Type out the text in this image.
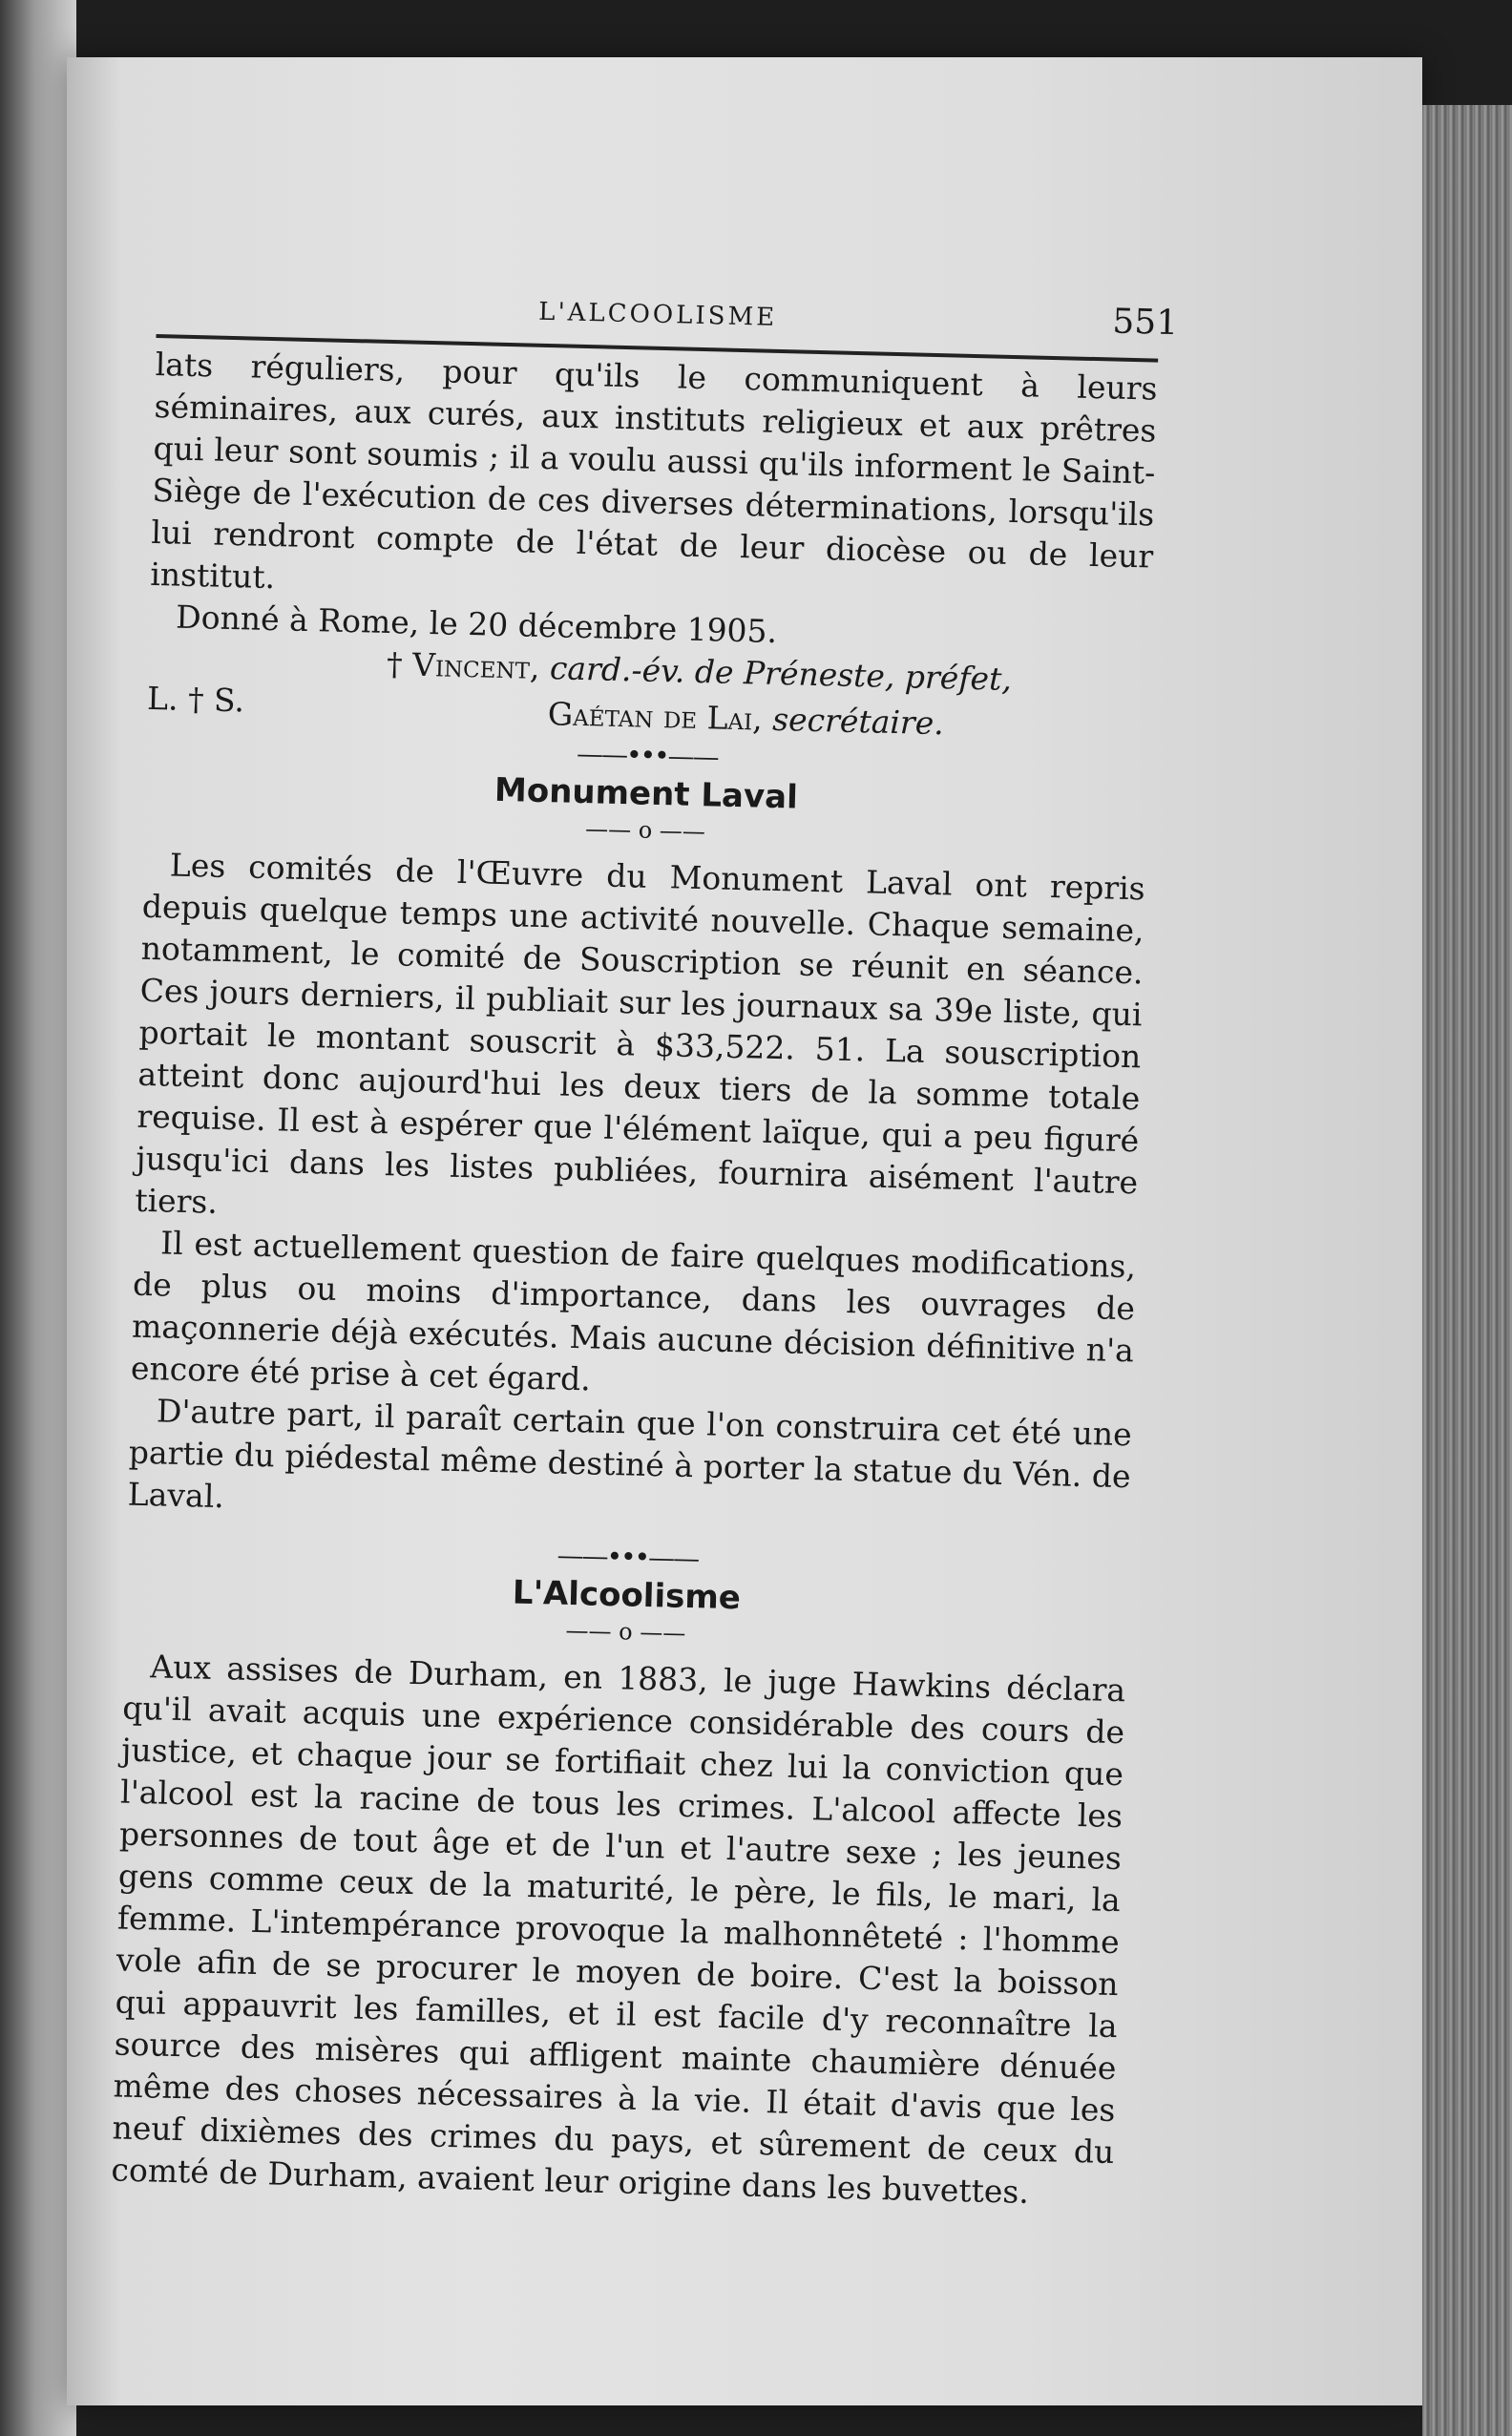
L'ALCOOLISME	551

lats réguliers, pour qu'ils le communiquent à leurs séminaires, aux curés, aux instituts religieux et aux prêtres qui leur sont soumis ; il a voulu aussi qu'ils informent le Saint-Siège de l'exécution de ces diverses déterminations, lorsqu'ils lui rendront compte de l'état de leur diocèse ou de leur institut.

Donné à Rome, le 20 décembre 1905.

† Vincent, card.-év. de Préneste, préfet,
L. † S.	Gaétan de Lai, secrétaire.
——•••——
Monument Laval
—— o ——

Les comités de l'Œuvre du Monument Laval ont repris depuis quelque temps une activité nouvelle. Chaque semaine, notamment, le comité de Souscription se réunit en séance. Ces jours derniers, il publiait sur les journaux sa 39e liste, qui portait le montant souscrit à $33,522. 51. La souscription atteint donc aujourd'hui les deux tiers de la somme totale requise. Il est à espérer que l'élément laïque, qui a peu figuré jusqu'ici dans les listes publiées, fournira aisément l'autre tiers.

Il est actuellement question de faire quelques modifications, de plus ou moins d'importance, dans les ouvrages de maçonnerie déjà exécutés. Mais aucune décision définitive n'a encore été prise à cet égard.

D'autre part, il paraît certain que l'on construira cet été une partie du piédestal même destiné à porter la statue du Vén. de Laval.

——•••——
L'Alcoolisme
—— o ——

Aux assises de Durham, en 1883, le juge Hawkins déclara qu'il avait acquis une expérience considérable des cours de justice, et chaque jour se fortifiait chez lui la conviction que l'alcool est la racine de tous les crimes. L'alcool affecte les personnes de tout âge et de l'un et l'autre sexe ; les jeunes gens comme ceux de la maturité, le père, le fils, le mari, la femme. L'intempérance provoque la malhonnêteté : l'homme vole afin de se procurer le moyen de boire. C'est la boisson qui appauvrit les familles, et il est facile d'y reconnaître la source des misères qui affligent mainte chaumière dénuée même des choses nécessaires à la vie. Il était d'avis que les neuf dixièmes des crimes du pays, et sûrement de ceux du comté de Durham, avaient leur origine dans les buvettes.
